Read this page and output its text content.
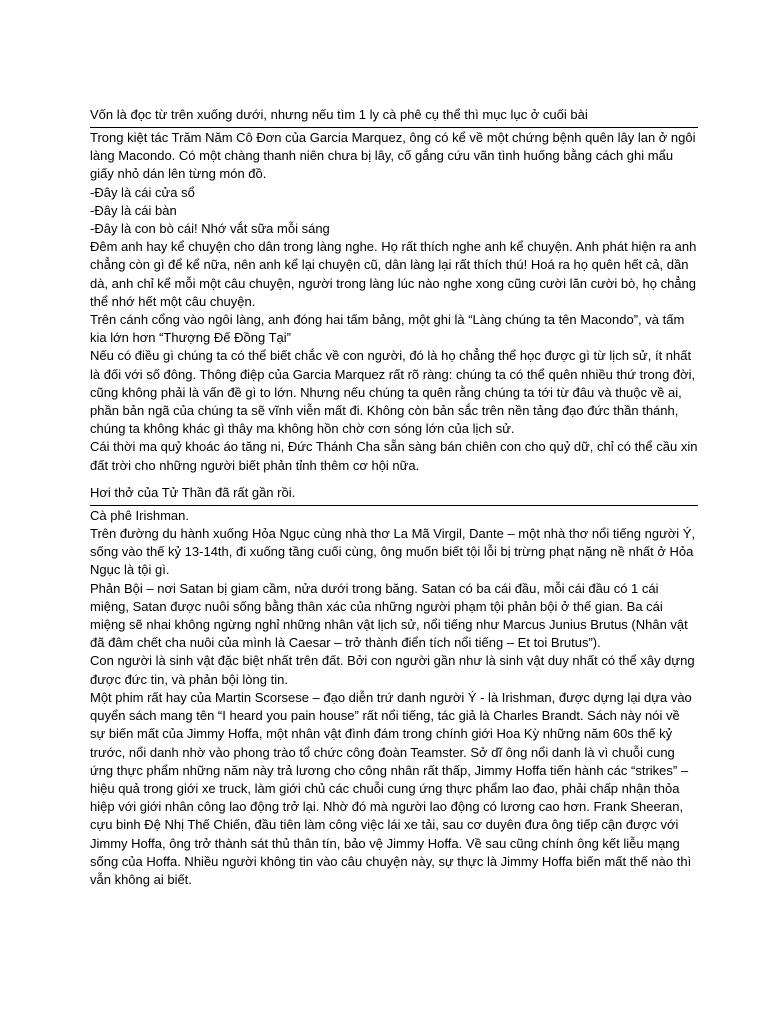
Vốn là đọc từ trên xuống dưới, nhưng nếu tìm 1 ly cà phê cụ thể thì mục lục ở cuối bài

Trong kiệt tác Trăm Năm Cô Đơn của Garcia Marquez, ông có kể về một chứng bệnh quên lây lan ở ngôi làng Macondo. Có một chàng thanh niên chưa bị lây, cố gắng cứu vãn tình huống bằng cách ghi mẩu giấy nhỏ dán lên từng món đồ.

-Đây là cái cửa sổ

-Đây là cái bàn

-Đây là con bò cái! Nhớ vắt sữa mỗi sáng

Đêm anh hay kể chuyện cho dân trong làng nghe. Họ rất thích nghe anh kể chuyện. Anh phát hiện ra anh chẳng còn gì để kể nữa, nên anh kể lại chuyện cũ, dân làng lại rất thích thú! Hoá ra họ quên hết cả, dần dà, anh chỉ kể mỗi một câu chuyện, người trong làng lúc nào nghe xong cũng cười lăn cười bò, họ chẳng thể nhớ hết một câu chuyện.

Trên cánh cổng vào ngôi làng, anh đóng hai tấm bảng, một ghi là “Làng chúng ta tên Macondo”, và tấm kia lớn hơn “Thượng Đế Đồng Tại”

Nếu có điều gì chúng ta có thể biết chắc về con người, đó là họ chẳng thể học được gì từ lịch sử, ít nhất là đối với số đông. Thông điệp của Garcia Marquez rất rõ ràng: chúng ta có thể quên nhiều thứ trong đời, cũng không phải là vấn đề gì to lớn. Nhưng nếu chúng ta quên rằng chúng ta tới từ đâu và thuộc về ai, phần bản ngã của chúng ta sẽ vĩnh viễn mất đi. Không còn bản sắc trên nền tảng đạo đức thần thánh, chúng ta không khác gì thây ma không hồn chờ cơn sóng lớn của lịch sử.

Cái thời ma quỷ khoác áo tăng ni, Đức Thánh Cha sẵn sàng bán chiên con cho quỷ dữ, chỉ có thể cầu xin đất trời cho những người biết phản tỉnh thêm cơ hội nữa.

Hơi thở của Tử Thần đã rất gần rồi.

Cà phê Irishman.

Trên đường du hành xuống Hỏa Ngục cùng nhà thơ La Mã Virgil, Dante – một nhà thơ nổi tiếng người Ý, sống vào thế kỷ 13-14th, đi xuống tầng cuối cùng, ông muốn biết tội lỗi bị trừng phạt nặng nề nhất ở Hỏa Ngục là tội gì.

Phản Bội – nơi Satan bị giam cầm, nửa dưới trong băng. Satan có ba cái đầu, mỗi cái đầu có 1 cái miệng, Satan được nuôi sống bằng thân xác của những người phạm tội phản bội ở thế gian. Ba cái miệng sẽ nhai không ngừng nghỉ những nhân vật lịch sử, nổi tiếng như Marcus Junius Brutus (Nhân vật đã đâm chết cha nuôi của mình là Caesar – trở thành điển tích nổi tiếng – Et toi Brutus”).

Con người là sinh vật đặc biệt nhất trên đất. Bởi con người gần như là sinh vật duy nhất có thể xây dựng được đức tin, và phản bội lòng tin.

Một phim rất hay của Martin Scorsese – đạo diễn trứ danh người Ý - là Irishman, được dựng lại dựa vào quyển sách mang tên “I heard you pain house” rất nổi tiếng, tác giả là Charles Brandt. Sách này nói về sự biến mất của Jimmy Hoffa, một nhân vật đình đám trong chính giới Hoa Kỳ những năm 60s thế kỷ trước, nổi danh nhờ vào phong trào tổ chức công đoàn Teamster. Sở dĩ ông nổi danh là vì chuỗi cung ứng thực phẩm những năm này trả lương cho công nhân rất thấp, Jimmy Hoffa tiến hành các “strikes” – hiệu quả trong giới xe truck, làm giới chủ các chuỗi cung ứng thực phẩm lao đao, phải chấp nhận thỏa hiệp với giới nhân công lao động trở lại. Nhờ đó mà người lao động có lương cao hơn. Frank Sheeran, cựu binh Đệ Nhị Thế Chiến, đầu tiên làm công việc lái xe tải, sau cơ duyên đưa ông tiếp cận được với Jimmy Hoffa, ông trở thành sát thủ thân tín, bảo vệ Jimmy Hoffa. Về sau cũng chính ông kết liễu mạng sống của Hoffa. Nhiều người không tin vào câu chuyện này, sự thực là Jimmy Hoffa biến mất thế nào thì vẫn không ai biết.
